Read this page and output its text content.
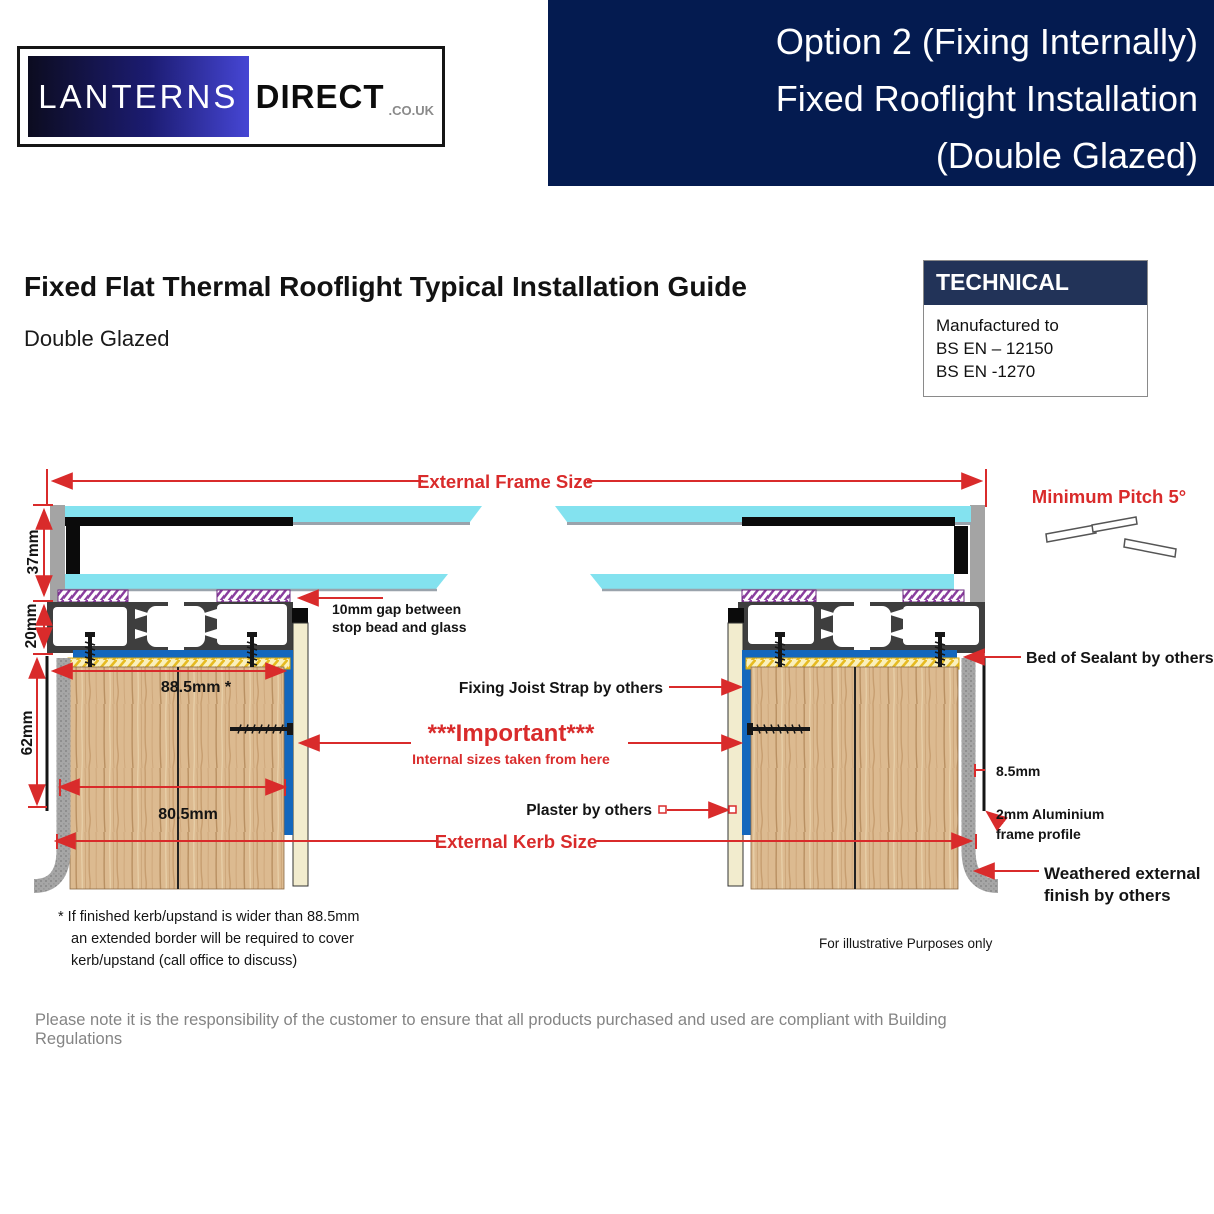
External Frame Size
Minimum Pitch 5°
37mm
20mm
62mm
10mm gap between
stop bead and glass
88.5mm *
80.5mm
Fixing Joist Strap by others
***Important***
Internal sizes taken from here
Plaster by others
External Kerb Size
Bed of Sealant by others
8.5mm
2mm Aluminium
frame profile
Weathered external
finish by others
* If finished kerb/upstand is wider than 88.5mm
an extended border will be required to cover
kerb/upstand (call office to discuss)
For illustrative Purposes only
LANTERNS DIRECT .CO.UK
Option 2 (Fixing Internally)
Fixed Rooflight Installation
(Double Glazed)
Fixed Flat Thermal Rooflight Typical Installation Guide
Double Glazed
TECHNICAL
Manufactured to
BS EN – 12150
BS EN -1270
Please note it is the responsibility of the customer to ensure that all products purchased and used are compliant with Building Regulations
